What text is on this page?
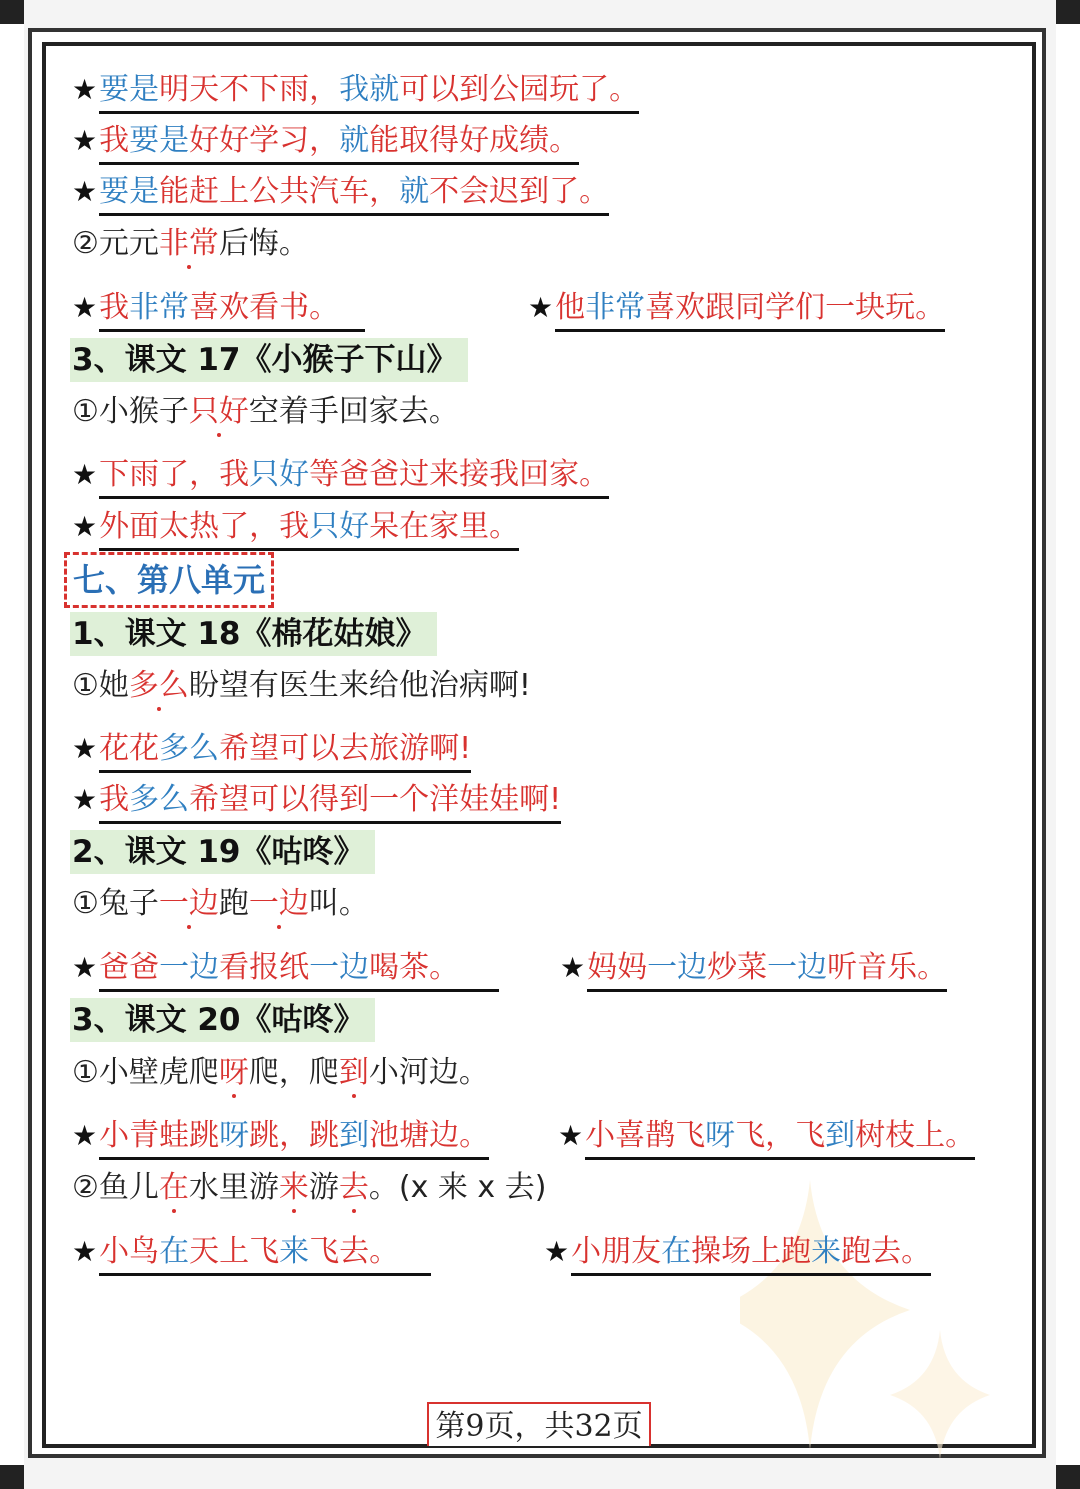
★要是明天不下雨，我就可以到公园玩了。
★我要是好好学习，就能取得好成绩。
★要是能赶上公共汽车，就不会迟到了。
②元元非常后悔。
★我非常喜欢看书。	★他非常喜欢跟同学们一块玩。
3、课文 17《小猴子下山》
①小猴子只好空着手回家去。
★下雨了，我只好等爸爸过来接我回家。
★外面太热了，我只好呆在家里。
七、第八单元
1、课文 18《棉花姑娘》
①她多么盼望有医生来给他治病啊!
★花花多么希望可以去旅游啊!
★我多么希望可以得到一个洋娃娃啊!
2、课文 19《咕咚》
①兔子一边跑一边叫。
★爸爸一边看报纸一边喝茶。	★妈妈一边炒菜一边听音乐。
3、课文 20《咕咚》
①小壁虎爬呀爬，爬到小河边。
★小青蛙跳呀跳，跳到池塘边。 ★小喜鹊飞呀飞，飞到树枝上。
②鱼儿在水里游来游去。(x 来 x 去)
★小鸟在天上飞来飞去。	★小朋友在操场上跑来跑去。
第9页，共32页
